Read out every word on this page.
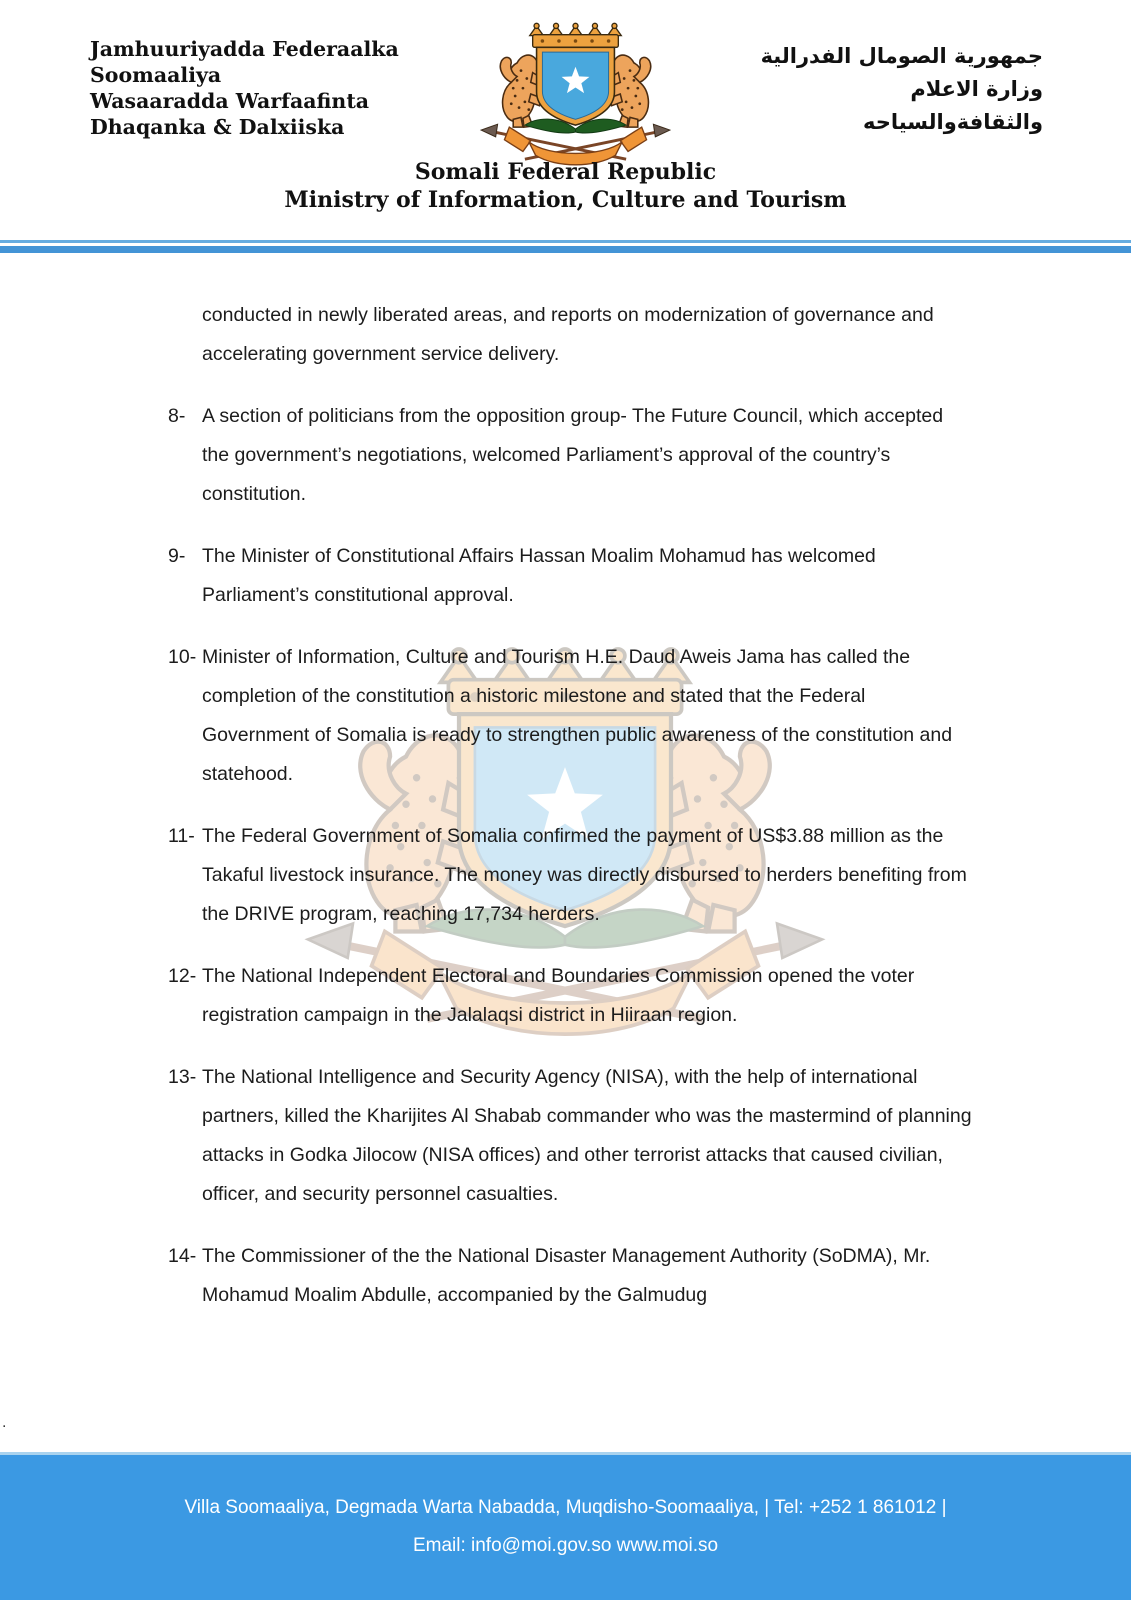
Jamhuuriyadda Federaalka
Soomaaliya
Wasaaradda Warfaafinta
Dhaqanka & Dalxiiska
جمهورية الصومال الفدرالية
وزارة الاعلام
والثقافةوالسياحه
Somali Federal Republic
Ministry of Information, Culture and Tourism
conducted in newly liberated areas, and reports on modernization of governance and accelerating government service delivery.
8- A section of politicians from the opposition group- The Future Council, which accepted the government’s negotiations, welcomed Parliament’s approval of the country’s constitution.
9- The Minister of Constitutional Affairs Hassan Moalim Mohamud has welcomed Parliament’s constitutional approval.
10- Minister of Information, Culture and Tourism H.E. Daud Aweis Jama has called the completion of the constitution a historic milestone and stated that the Federal Government of Somalia is ready to strengthen public awareness of the constitution and statehood.
11- The Federal Government of Somalia confirmed the payment of US$3.88 million as the Takaful livestock insurance. The money was directly disbursed to herders benefiting from the DRIVE program, reaching 17,734 herders.
12- The National Independent Electoral and Boundaries Commission opened the voter registration campaign in the Jalalaqsi district in Hiiraan region.
13- The National Intelligence and Security Agency (NISA), with the help of international partners, killed the Kharijites Al Shabab commander who was the mastermind of planning attacks in Godka Jilocow (NISA offices) and other terrorist attacks that caused civilian, officer, and security personnel casualties.
14- The Commissioner of the the National Disaster Management Authority (SoDMA), Mr. Mohamud Moalim Abdulle, accompanied by the Galmudug
.
Villa Soomaaliya, Degmada Warta Nabadda, Muqdisho-Soomaaliya, | Tel: +252 1 861012 |
Email: info@moi.gov.so www.moi.so
